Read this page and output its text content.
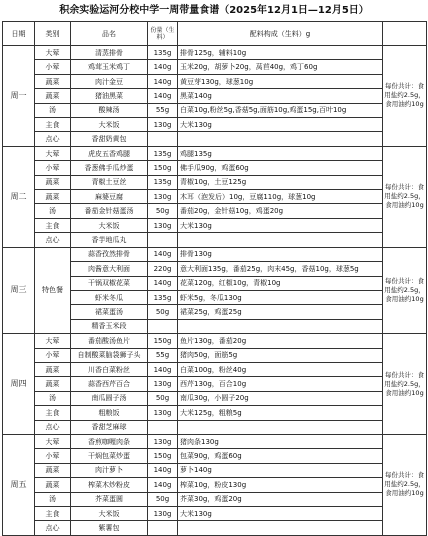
积余实验运河分校中学一周带量食谱（2025年12月1日—12月5日）
日期	类别	品名	份量（生料）	配料构成（生料）g	
周一	大荤	清蒸排骨	135g	排骨125g，辅料10g	每份共计：食用盐约2.5g，食用油约10g
	小荤	鸡茸玉米鸡丁	140g	玉米20g，胡萝卜20g，莴苣40g，鸡丁60g	
	蔬菜	肉汁金豆	140g	黄豆芽130g，球葱10g	
	蔬菜	猪油黑菜	140g	黑菜140g	
	汤	酸辣汤	55g	白菜10g,粉丝5g,香菇5g,面筋10g,鸡蛋15g,百叶10g	
	主食	大米饭	130g	大米130g	
	点心	香甜奶黄包			
周二	大荤	虎皮五香鸡腿	135g	鸡腿135g	每份共计：食用盐约2.5g，食用油约10g
	小荤	香葱佛手瓜炒蛋	150g	佛手瓜90g，鸡蛋60g	
	蔬菜	青椒土豆丝	135g	青椒10g，土豆125g	
	蔬菜	麻婆豆腐	130g	木耳（泡发后）10g，豆腐110g，球葱10g	
	汤	番茄金针菇蛋汤	50g	番茄20g，金针菇10g，鸡蛋20g	
	主食	大米饭	130g	大米130g	
	点心	香芋地瓜丸			
周三	特色餐	蒜香孜然排骨	140g	排骨130g	每份共计：食用盐约2.5g，食用油约10g
		肉酱意大利面	220g	意大利面135g，番茄25g，肉末45g，香菇10g，球葱5g	
		干锅双椒花菜	140g	花菜120g，红椒10g，青椒10g	
		虾米冬瓜	135g	虾米5g，冬瓜130g	
		裙菜蛋汤	50g	裙菜25g，鸡蛋25g	
		精香玉米段			
周四	大荤	番茄酸汤鱼片	150g	鱼片130g，番茄20g	每份共计：食用盐约2.5g，食用油约10g
	小荤	自制酸菜脑袋狮子头	55g	猪肉50g，面筋5g	
	蔬菜	川香白菜粉丝	140g	白菜100g，粉丝40g	
	蔬菜	蒜香西芹百合	130g	西芹130g，百合10g	
	汤	南瓜圆子汤	50g	南瓜30g，小圆子20g	
	主食	粗粮饭	130g	大米125g，粗粮5g	
	点心	香甜芝麻球			
周五	大荤	香煎咖喱肉条	130g	猪肉条130g	每份共计：食用盐约2.5g，食用油约10g
	小荤	干焖包菜炒蛋	150g	包菜90g，鸡蛋60g	
	蔬菜	肉汁萝卜	140g	萝卜140g	
	蔬菜	榨菜木炒粉皮	140g	榨菜10g，粉皮130g	
	汤	芥菜蛋圆	50g	芥菜30g，鸡蛋20g	
	主食	大米饭	130g	大米130g	
	点心	紫薯包			
